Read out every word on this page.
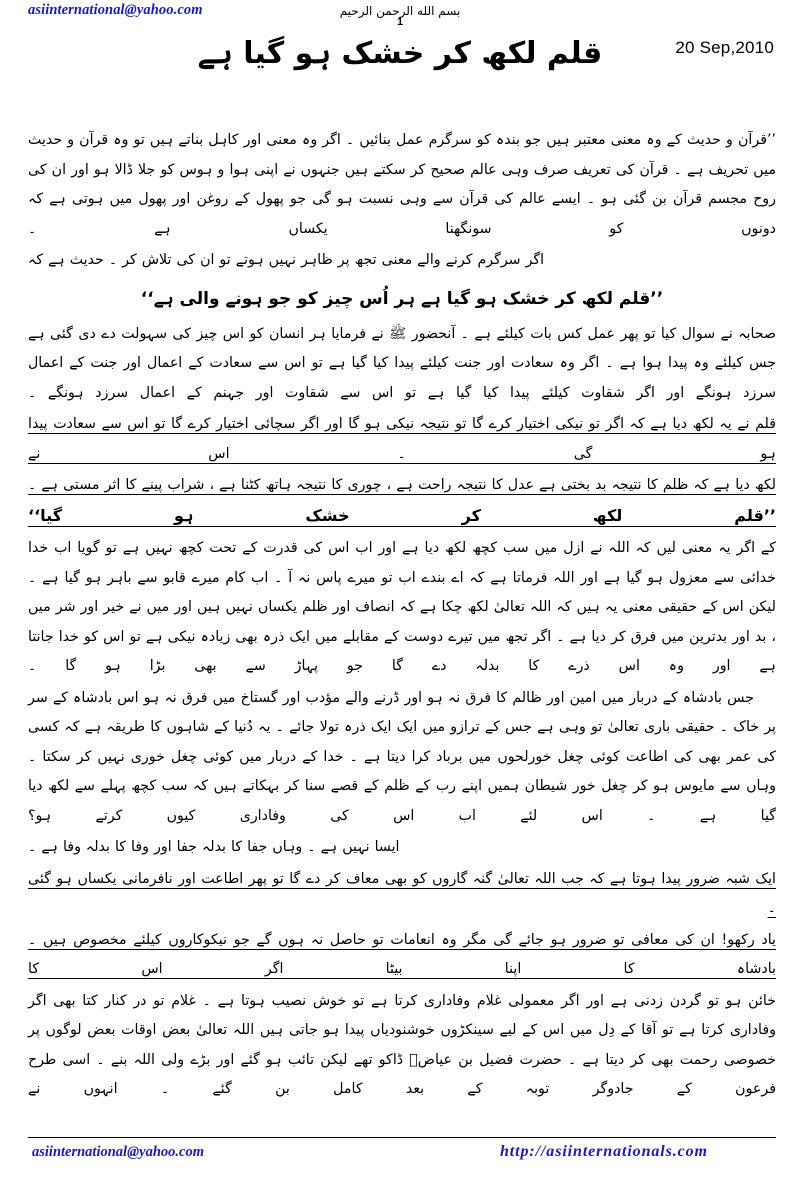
asiinternational@yahoo.com	بسم الله الرحمن الرحيم
1
قلم لکھ کر خشک ہو گیا ہے	20 Sep,2010

’’قرآن و حدیث کے وہ معنی معتبر ہیں جو بندہ کو سرگرم عمل بنائیں ۔ اگر وہ معنی اور کاہل بناتے ہیں تو وہ قرآن و حدیث میں تحریف ہے ۔ قرآن کی تعریف صرف وہی عالم صحیح کر سکتے ہیں جنہوں نے اپنی ہوا و ہوس کو جلا ڈالا ہو اور ان کی روح مجسم قرآن بن گئی ہو ۔ ایسے عالم کی قرآن سے وہی نسبت ہو گی جو پھول کے روغن اور پھول میں ہوتی ہے کہ دونوں کو سونگھنا یکساں ہے ۔

اگر سرگرم کرنے والے معنی تجھ پر ظاہر نہیں ہوتے تو ان کی تلاش کر ۔ حدیث ہے کہ

’’قلم لکھ کر خشک ہو گیا ہے ہر اُس چیز کو جو ہونے والی ہے‘‘

صحابہ نے سوال کیا تو پھر عمل کس بات کیلئے ہے ۔ آنحضور ﷺ نے فرمایا ہر انسان کو اس چیز کی سہولت دے دی گئی ہے جس کیلئے وہ پیدا ہوا ہے ۔ اگر وہ سعادت اور جنت کیلئے پیدا کیا گیا ہے تو اس سے سعادت کے اعمال اور جنت کے اعمال سرزد ہونگے اور اگر شقاوت کیلئے پیدا کیا گیا ہے تو اس سے شقاوت اور جہنم کے اعمال سرزد ہونگے ۔

قلم نے یہ لکھ دیا ہے کہ اگر تو نیکی اختیار کرے گا تو نتیجہ نیکی ہو گا اور اگر سچائی اختیار کرے گا تو اس سے سعادت پیدا ہو گی ۔ اس نے

لکھ دیا ہے کہ ظلم کا نتیجہ بد بختی ہے عدل کا نتیجہ راحت ہے ، چوری کا نتیجہ ہاتھ کٹنا ہے ، شراب پینے کا اثر مستی ہے ۔ ’’قلم لکھ کر خشک ہو گیا‘‘

کے اگر یہ معنی لیں کہ اللہ نے ازل میں سب کچھ لکھ دیا ہے اور اب اس کی قدرت کے تحت کچھ نہیں ہے تو گویا اب خدا خدائی سے معزول ہو گیا ہے اور اللہ فرماتا ہے کہ اے بندے اب تو میرے پاس نہ آ ۔ اب کام میرے قابو سے باہر ہو گیا ہے ۔ لیکن اس کے حقیقی معنی یہ ہیں کہ اللہ تعالیٰ لکھ چکا ہے کہ انصاف اور ظلم یکساں نہیں ہیں اور میں نے خیر اور شر میں ، بد اور بدترین میں فرق کر دیا ہے ۔ اگر تجھ میں تیرے دوست کے مقابلے میں ایک ذرہ بھی زیادہ نیکی ہے تو اس کو خدا جانتا ہے اور وہ اس ذرے کا بدلہ دے گا جو پہاڑ سے بھی بڑا ہو گا ۔

جس بادشاہ کے دربار میں امین اور ظالم کا فرق نہ ہو اور ڈرنے والے مؤدب اور گستاخ میں فرق نہ ہو اس بادشاہ کے سر پر خاک ۔ حقیقی باری تعالیٰ تو وہی ہے جس کے ترازو میں ایک ایک ذرہ تولا جائے ۔ یہ دُنیا کے شاہوں کا طریقہ ہے کہ کسی کی عمر بھی کی اطاعت کوئی چغل خورلحوں میں برباد کرا دیتا ہے ۔ خدا کے دربار میں کوئی چغل خوری نہیں کر سکتا ۔ وہاں سے مایوس ہو کر چغل خور شیطان ہمیں اپنے رب کے ظلم کے قصے سنا کر بہکاتے ہیں کہ سب کچھ پہلے سے لکھ دیا گیا ہے ۔ اس لئے اب اس کی وفاداری کیوں کرتے ہو؟

ایسا نہیں ہے ۔ وہاں جفا کا بدلہ جفا اور وفا کا بدلہ وفا ہے ۔

ایک شبہ ضرور پیدا ہوتا ہے کہ جب اللہ تعالیٰ گنہ گاروں کو بھی معاف کر دے گا تو پھر اطاعت اور نافرمانی یکساں ہو گئی ۔

یاد رکھو! ان کی معافی تو ضرور ہو جائے گی مگر وہ انعامات تو حاصل نہ ہوں گے جو نیکوکاروں کیلئے مخصوص ہیں ۔ بادشاہ کا اپنا بیٹا اگر اس کا

خائن ہو تو گردن زدنی ہے اور اگر معمولی غلام وفاداری کرتا ہے تو خوش نصیب ہوتا ہے ۔ غلام تو در کنار کتا بھی اگر وفاداری کرتا ہے تو آقا کے دِل میں اس کے لیے سینکڑوں خوشنودیاں پیدا ہو جاتی ہیں اللہ تعالیٰ بعض اوقات بعض لوگوں پر خصوصی رحمت بھی کر دیتا ہے ۔ حضرت فضیل بن عیاضؒ ڈاکو تھے لیکن تائب ہو گئے اور بڑے ولی اللہ بنے ۔ اسی طرح فرعون کے جادوگر توبہ کے بعد کامل بن گئے ۔ انہوں نے

asiinternational@yahoo.com	http://asiinternationals.com
